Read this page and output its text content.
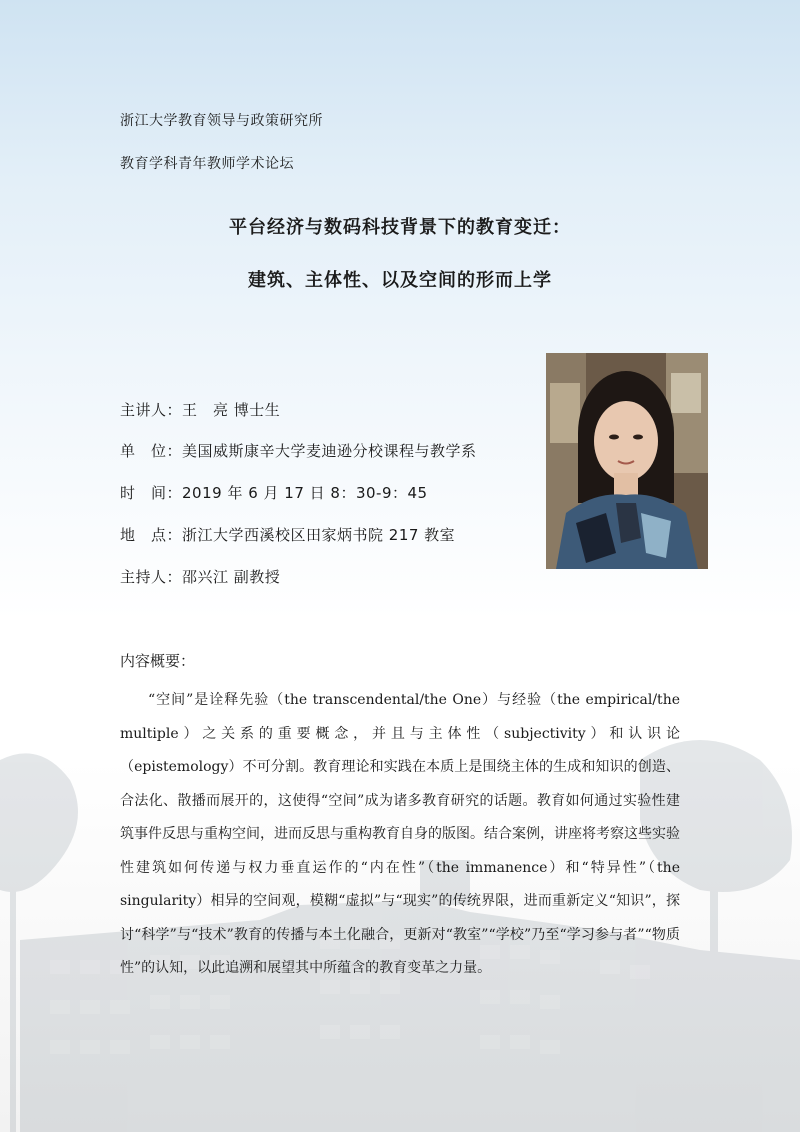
浙江大学教育领导与政策研究所
教育学科青年教师学术论坛
平台经济与数码科技背景下的教育变迁：
建筑、主体性、以及空间的形而上学
主讲人：王　亮 博士生
单　位：美国威斯康辛大学麦迪逊分校课程与教学系
时　间：2019 年 6 月 17 日 8：30-9：45
地　点：浙江大学西溪校区田家炳书院 217 教室
主持人：邵兴江 副教授
内容概要：

“空间”是诠释先验（the transcendental/the One）与经验（the empirical/the multiple）之关系的重要概念，并且与主体性（subjectivity）和认识论（epistemology）不可分割。教育理论和实践在本质上是围绕主体的生成和知识的创造、合法化、散播而展开的，这使得“空间”成为诸多教育研究的话题。教育如何通过实验性建筑事件反思与重构空间，进而反思与重构教育自身的版图。结合案例，讲座将考察这些实验性建筑如何传递与权力垂直运作的“内在性”（the immanence）和“特异性”（the singularity）相异的空间观，模糊“虚拟”与“现实”的传统界限，进而重新定义“知识”，探讨“科学”与“技术”教育的传播与本土化融合，更新对“教室”“学校”乃至“学习参与者”“物质性”的认知，以此追溯和展望其中所蕴含的教育变革之力量。
